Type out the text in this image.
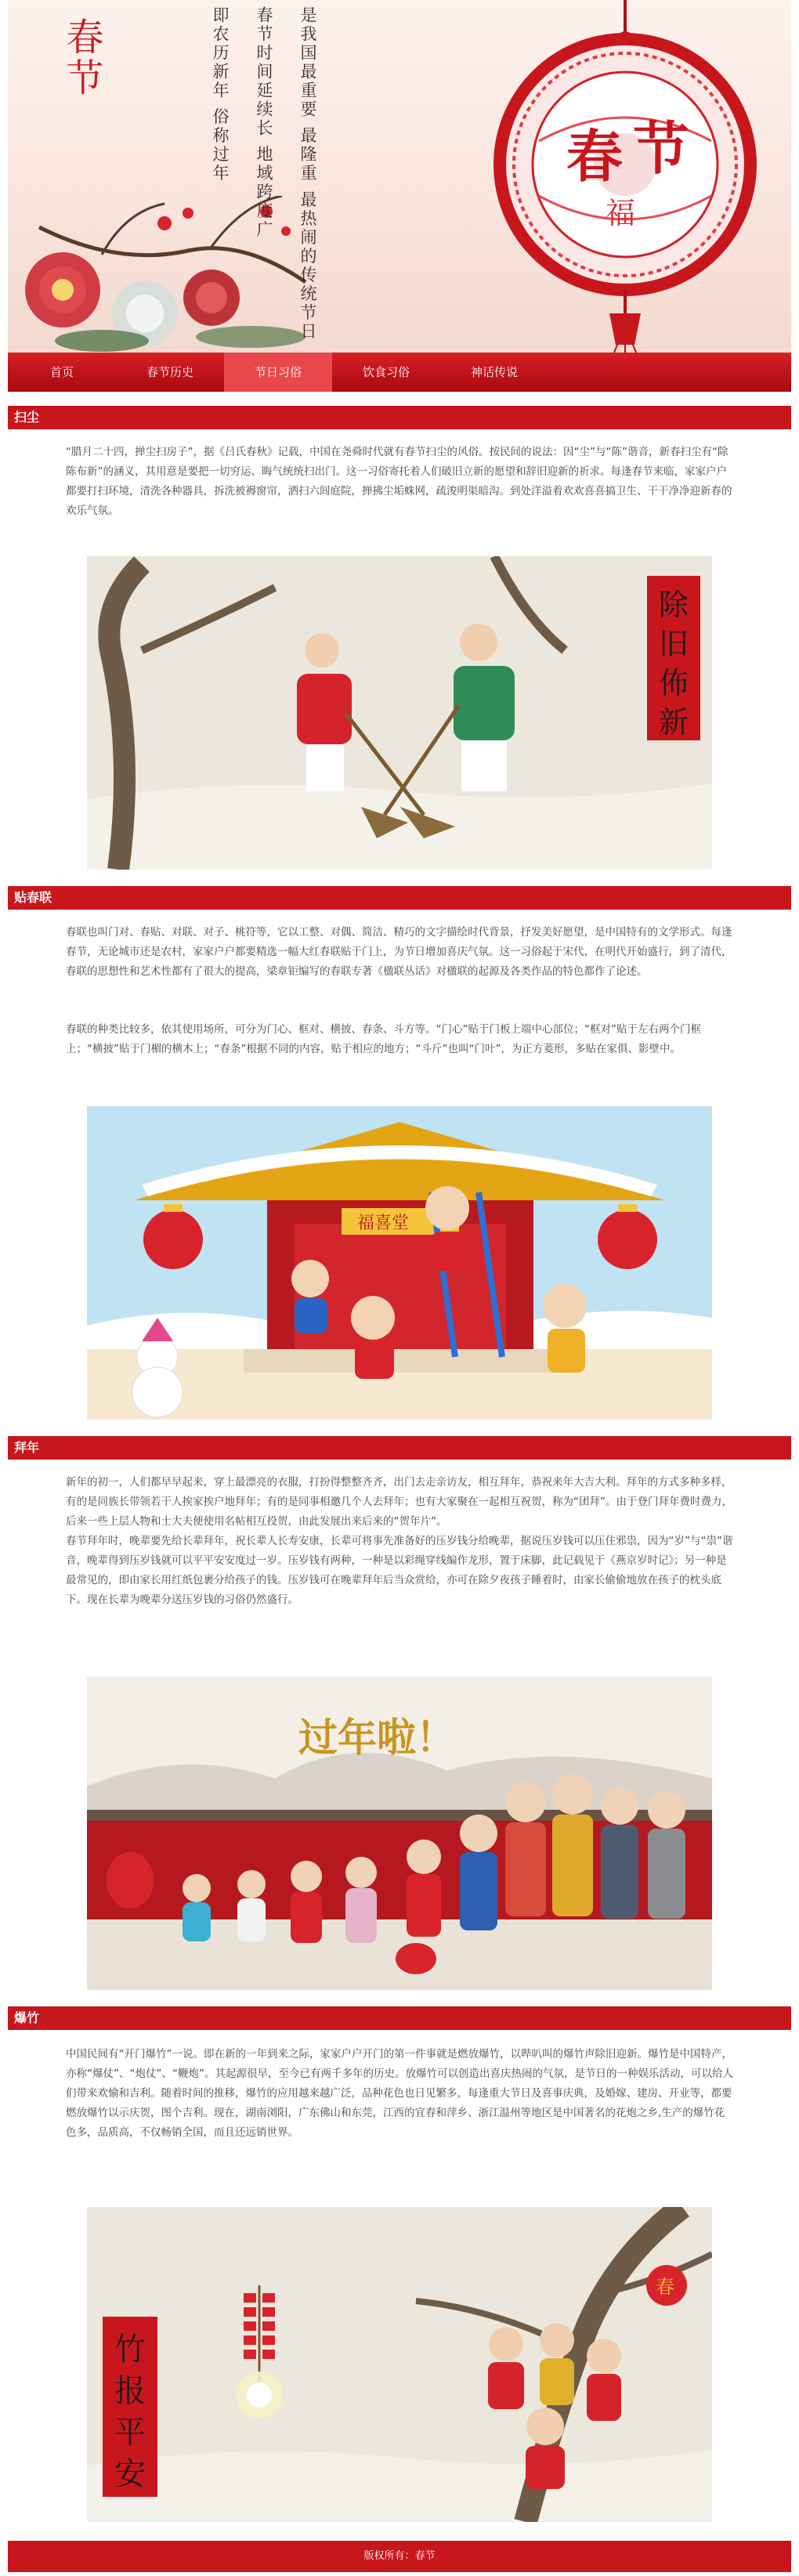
春节	是我国最重要 最隆重 最热闹的传统节日
春节时间延续长 地域跨度广
即农历新年 俗称过年	春 节
福
首页	春节历史	节日习俗	饮食习俗	神话传说
扫尘

“腊月二十四，掸尘扫房子”，据《吕氏春秋》记载，中国在尧舜时代就有春节扫尘的风俗。按民间的说法：因“尘”与“陈”谐音，新春扫尘有“除陈布新”的涵义，其用意是要把一切穷运、晦气统统扫出门。这一习俗寄托着人们破旧立新的愿望和辞旧迎新的祈求。每逢春节来临，家家户户都要打扫环境，清洗各种器具，拆洗被褥窗帘，洒扫六闾庭院，掸拂尘垢蛛网，疏浚明渠暗沟。到处洋溢着欢欢喜喜搞卫生、干干净净迎新春的欢乐气氛。

除
旧
佈
新
贴春联

春联也叫门对、春贴、对联、对子、桃符等，它以工整、对偶、简洁、精巧的文字描绘时代背景，抒发美好愿望，是中国特有的文学形式。每逢春节，无论城市还是农村，家家户户都要精选一幅大红春联贴于门上，为节日增加喜庆气氛。这一习俗起于宋代，在明代开始盛行，到了清代，春联的思想性和艺术性都有了很大的提高，梁章钜编写的春联专著《楹联丛话》对楹联的起源及各类作品的特色都作了论述。

春联的种类比较多，依其使用场所，可分为门心、框对、横披、春条、斗方等。“门心”贴于门板上端中心部位；“框对”贴于左右两个门框上；“横披”贴于门楣的横木上；“春条”根据不同的内容，贴于相应的地方；“斗斤”也叫“门叶”，为正方菱形，多贴在家俱、影壁中。

福喜堂
拜年

新年的初一，人们都早早起来，穿上最漂亮的衣服，打扮得整整齐齐，出门去走亲访友，相互拜年，恭祝来年大吉大利。拜年的方式多种多样，有的是同族长带领若干人挨家挨户地拜年；有的是同事相邀几个人去拜年；也有大家聚在一起相互祝贺，称为“团拜”。由于登门拜年费时费力，后来一些上层人物和士大夫便使用名帖相互投贺，由此发展出来后来的“贺年片”。

春节拜年时，晚辈要先给长辈拜年，祝长辈人长寿安康，长辈可将事先准备好的压岁钱分给晚辈，据说压岁钱可以压住邪祟，因为“岁”与“祟”谐音，晚辈得到压岁钱就可以平平安安度过一岁。压岁钱有两种，一种是以彩绳穿线编作龙形，置于床脚，此记载见于《燕京岁时记》；另一种是最常见的，即由家长用红纸包裹分给孩子的钱。压岁钱可在晚辈拜年后当众赏给，亦可在除夕夜孩子睡着时，由家长偷偷地放在孩子的枕头底下。现在长辈为晚辈分送压岁钱的习俗仍然盛行。

过年啦！
爆竹

中国民间有“开门爆竹”一说。即在新的一年到来之际，家家户户开门的第一件事就是燃放爆竹，以哔叭叫的爆竹声除旧迎新。爆竹是中国特产，亦称“爆仗”、“炮仗”、“鞭炮”。其起源很早，至今已有两千多年的历史。放爆竹可以创造出喜庆热闹的气氛，是节日的一种娱乐活动，可以给人们带来欢愉和吉利。随着时间的推移，爆竹的应用越来越广泛，品种花色也日见繁多，每逢重大节日及喜事庆典，及婚嫁、建房、开业等，都要燃放爆竹以示庆贺，图个吉利。现在，湖南浏阳，广东佛山和东莞，江西的宜春和萍乡、浙江温州等地区是中国著名的花炮之乡,生产的爆竹花色多，品质高，不仅畅销全国，而且还远销世界。

竹
报
平
安
春
版权所有：春节
